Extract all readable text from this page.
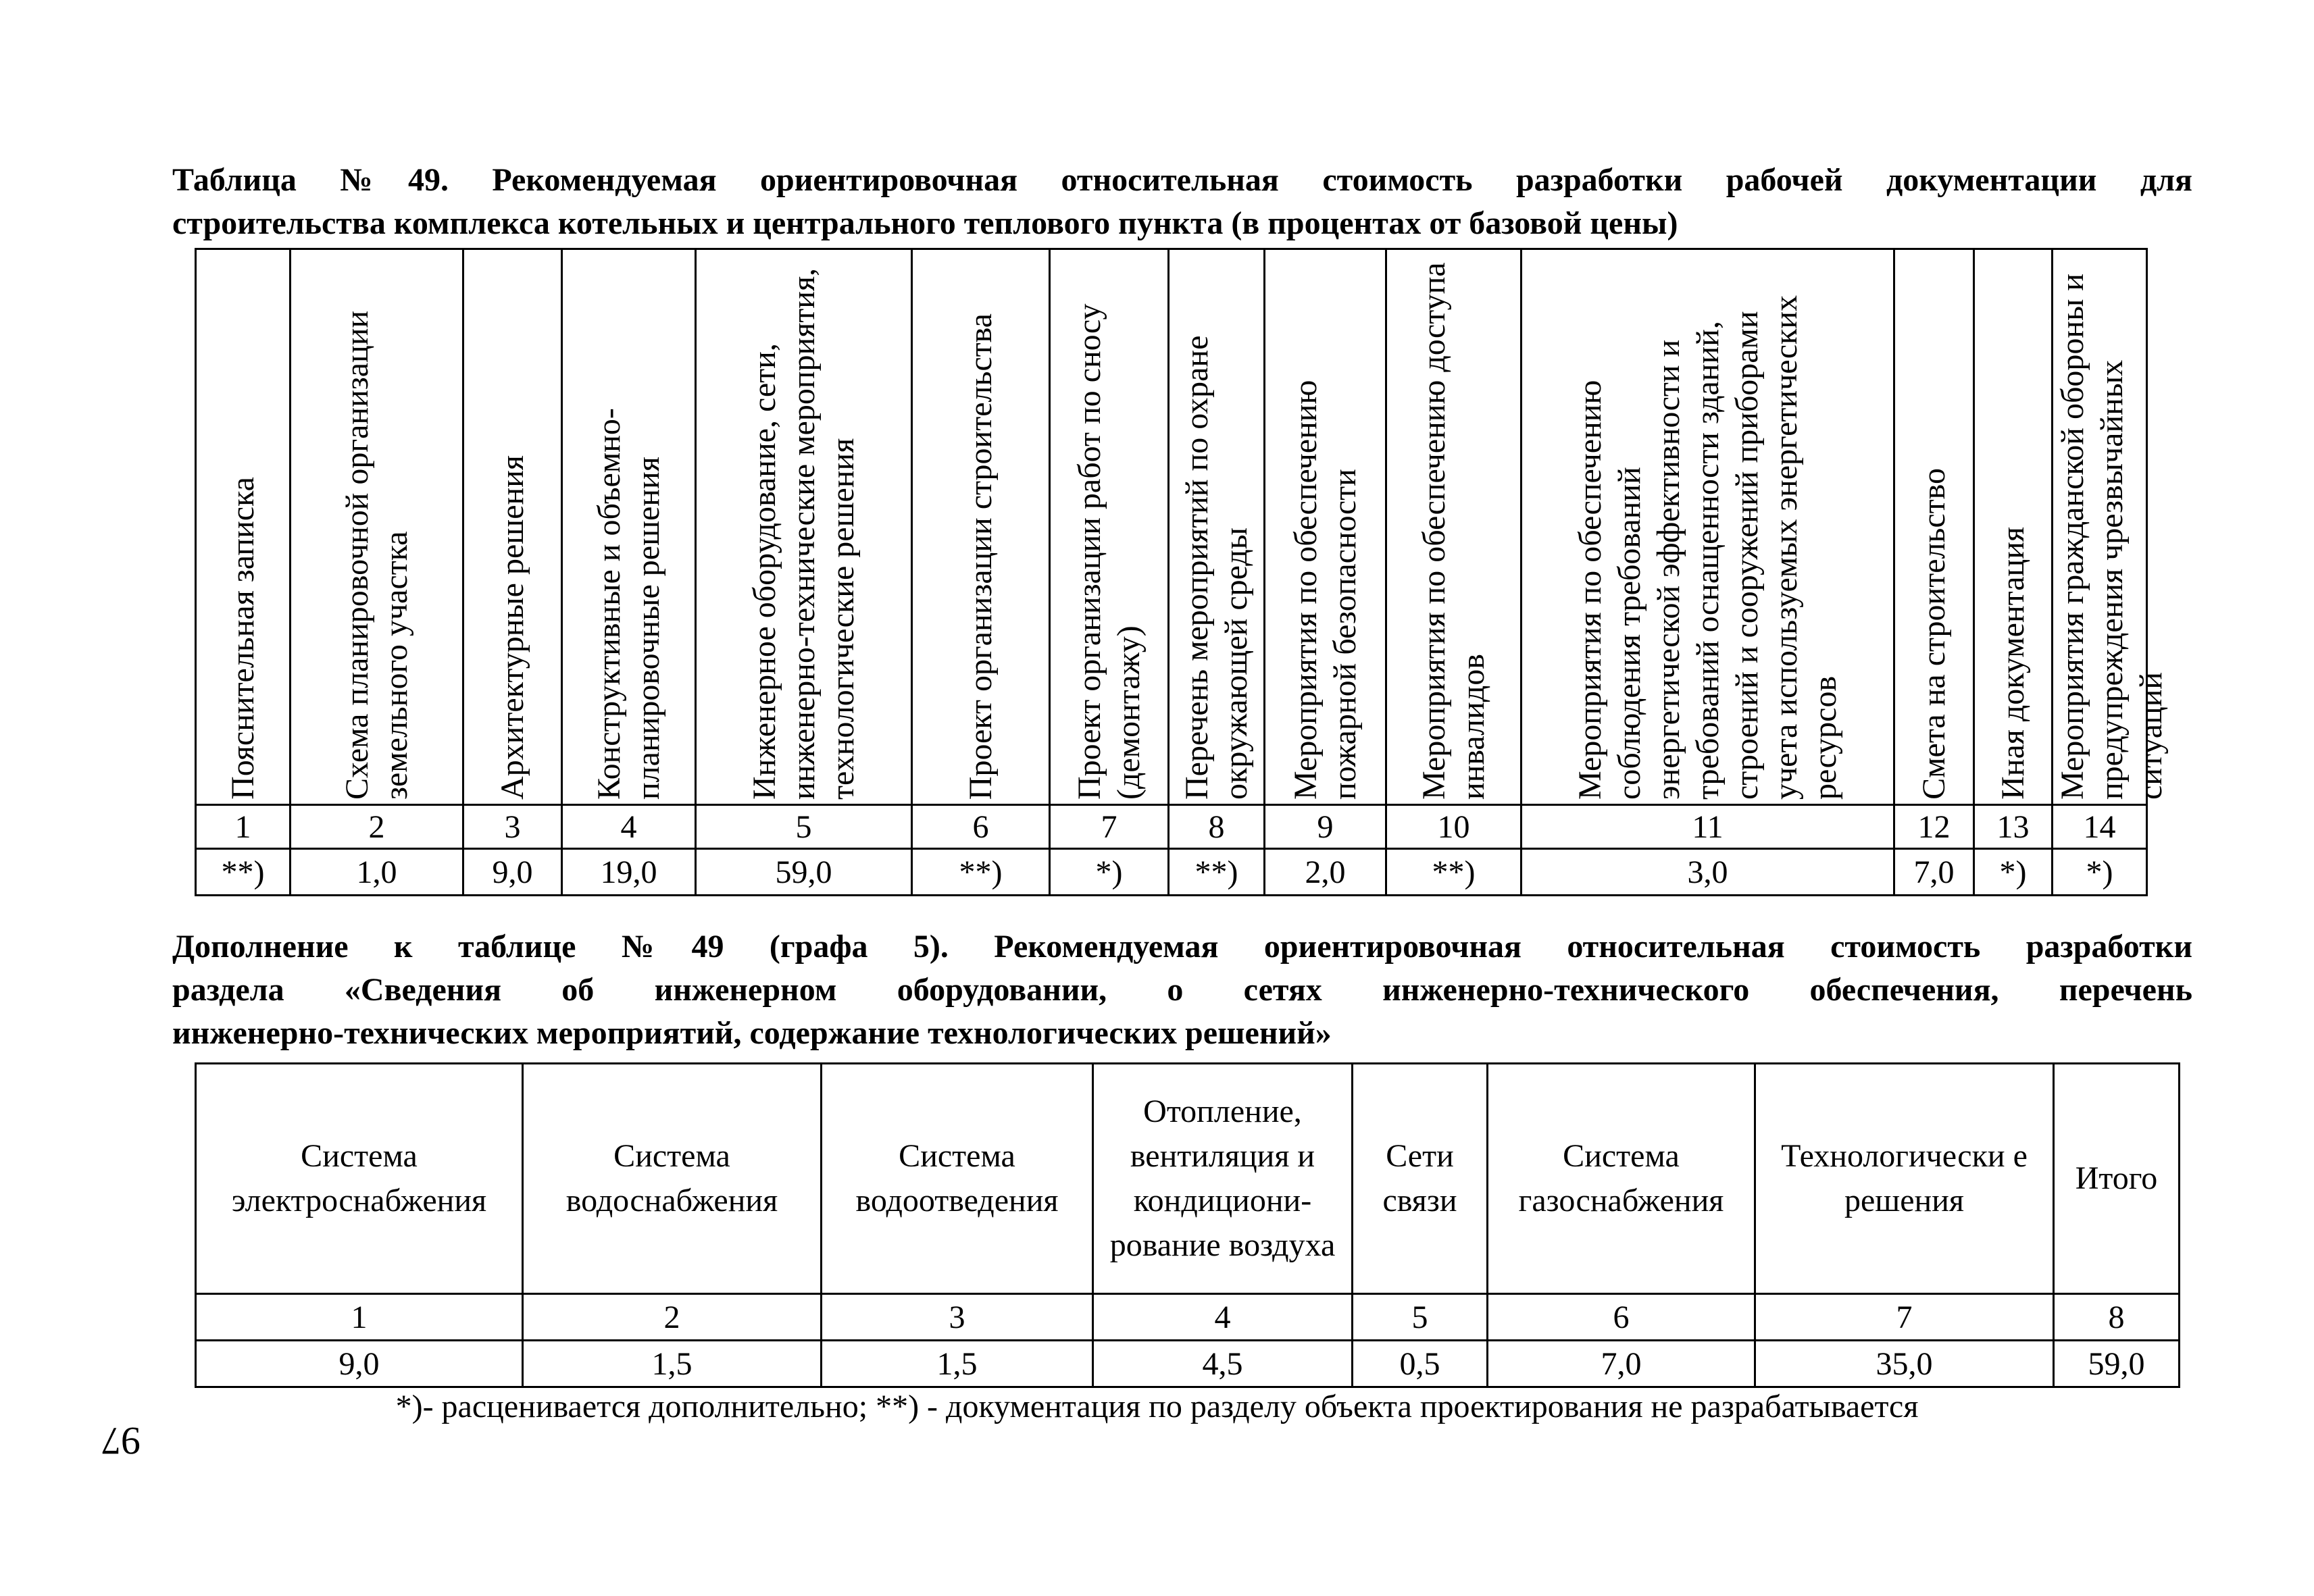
Таблица №49. Рекомендуемая ориентировочная относительная стоимость разработки рабочей документации для
строительства комплекса котельных и центрального теплового пункта (в процентах от базовой цены)
Пояснительная записка	Схема планировочной организации земельного участка	Архитектурные решения	Конструктивные и объемно-планировочные решения	Инженерное оборудование, сети, инженерно-технические мероприятия, технологические решения	Проект организации строительства	Проект организации работ по сносу (демонтажу)	Перечень мероприятий по охране окружающей среды	Мероприятия по обеспечению пожарной безопасности	Мероприятия по обеспечению доступа инвалидов	Мероприятия по обеспечению соблюдения требований энергетической эффективности и требований оснащенности зданий, строений и сооружений приборами учета используемых энергетических ресурсов	Смета на строительство	Иная документация	Мероприятия гражданской обороны и предупреждения чрезвычайных ситуаций

1	2	3	4	5	6	7	8	9	10	11	12	13	14
**)	1,0	9,0	19,0	59,0	**)	*)	**)	2,0	**)	3,0	7,0	*)	*)
Дополнение к таблице №49 (графа 5). Рекомендуемая ориентировочная относительная стоимость разработки
раздела «Сведения об инженерном оборудовании, о сетях инженерно-технического обеспечения, перечень
инженерно-технических мероприятий, содержание технологических решений»
Система электроснабжения	Система водоснабжения	Система водоотведения	Отопление, вентиляция и кондициони-рование воздуха	Сети связи	Система газоснабжения	Технологически е решения	Итого
1	2	3	4	5	6	7	8
9,0	1,5	1,5	4,5	0,5	7,0	35,0	59,0
*)- расценивается дополнительно; **) - документация по разделу объекта проектирования не разрабатывается
97
